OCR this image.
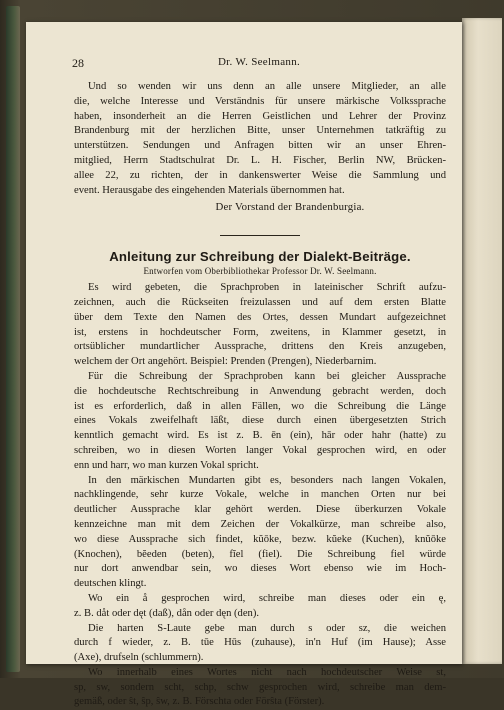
28	Dr. W. Seelmann.
Und so wenden wir uns denn an alle unsere Mitglieder, an alle
die, welche Interesse und Verständnis für unsere märkische Volkssprache
haben, insonderheit an die Herren Geistlichen und Lehrer der Provinz
Brandenburg mit der herzlichen Bitte, unser Unternehmen tatkräftig zu
unterstützen. Sendungen und Anfragen bitten wir an unser Ehren-
mitglied, Herrn Stadtschulrat Dr. L. H. Fischer, Berlin NW, Brücken-
allee 22, zu richten, der in dankenswerter Weise die Sammlung und
event. Herausgabe des eingehenden Materials übernommen hat.
Der Vorstand der Brandenburgia.
Anleitung zur Schreibung der Dialekt-Beiträge.
Entworfen vom Oberbibliothekar Professor Dr. W. Seelmann.
Es wird gebeten, die Sprachproben in lateinischer Schrift aufzu-
zeichnen, auch die Rückseiten freizulassen und auf dem ersten Blatte
über dem Texte den Namen des Ortes, dessen Mundart aufgezeichnet
ist, erstens in hochdeutscher Form, zweitens, in Klammer gesetzt, in
ortsüblicher mundartlicher Aussprache, drittens den Kreis anzugeben,
welchem der Ort angehört. Beispiel: Prenden (Prengen), Niederbarnim.
Für die Schreibung der Sprachproben kann bei gleicher Aussprache
die hochdeutsche Rechtschreibung in Anwendung gebracht werden, doch
ist es erforderlich, daß in allen Fällen, wo die Schreibung die Länge
eines Vokals zweifelhaft läßt, diese durch einen übergesetzten Strich
kenntlich gemacht wird. Es ist z. B. ēn (ein), hār oder hahr (hatte) zu
schreiben, wo in diesen Worten langer Vokal gesprochen wird, en oder
enn und harr, wo man kurzen Vokal spricht.
In den märkischen Mundarten gibt es, besonders nach langen Vokalen,
nachklingende, sehr kurze Vokale, welche in manchen Orten nur bei
deutlicher Aussprache klar gehört werden. Diese überkurzen Vokale
kennzeichne man mit dem Zeichen der Vokalkürze, man schreibe also,
wo diese Aussprache sich findet, kŭōke, bezw. kŭeke (Kuchen), knŭōke
(Knochen), bĕeden (beten), fĭel (fiel). Die Schreibung fiel würde
nur dort anwendbar sein, wo dieses Wort ebenso wie im Hoch-
deutschen klingt.
Wo ein å gesprochen wird, schreibe man dieses oder ein ę,
z. B. dåt oder dęt (daß), dån oder dęn (den).
Die harten S-Laute gebe man durch s oder sz, die weichen
durch f wieder, z. B. tūe Hūs (zuhause), in'n Huf (im Hause); Asse
(Axe), drufseln (schlummern).
Wo innerhalb eines Wortes nicht nach hochdeutscher Weise st,
sp, sw, sondern scht, schp, schw gesprochen wird, schreibe man dem-
gemäß, oder ŝt, ŝp, ŝw, z. B. Förschta oder Förŝta (Förster).
